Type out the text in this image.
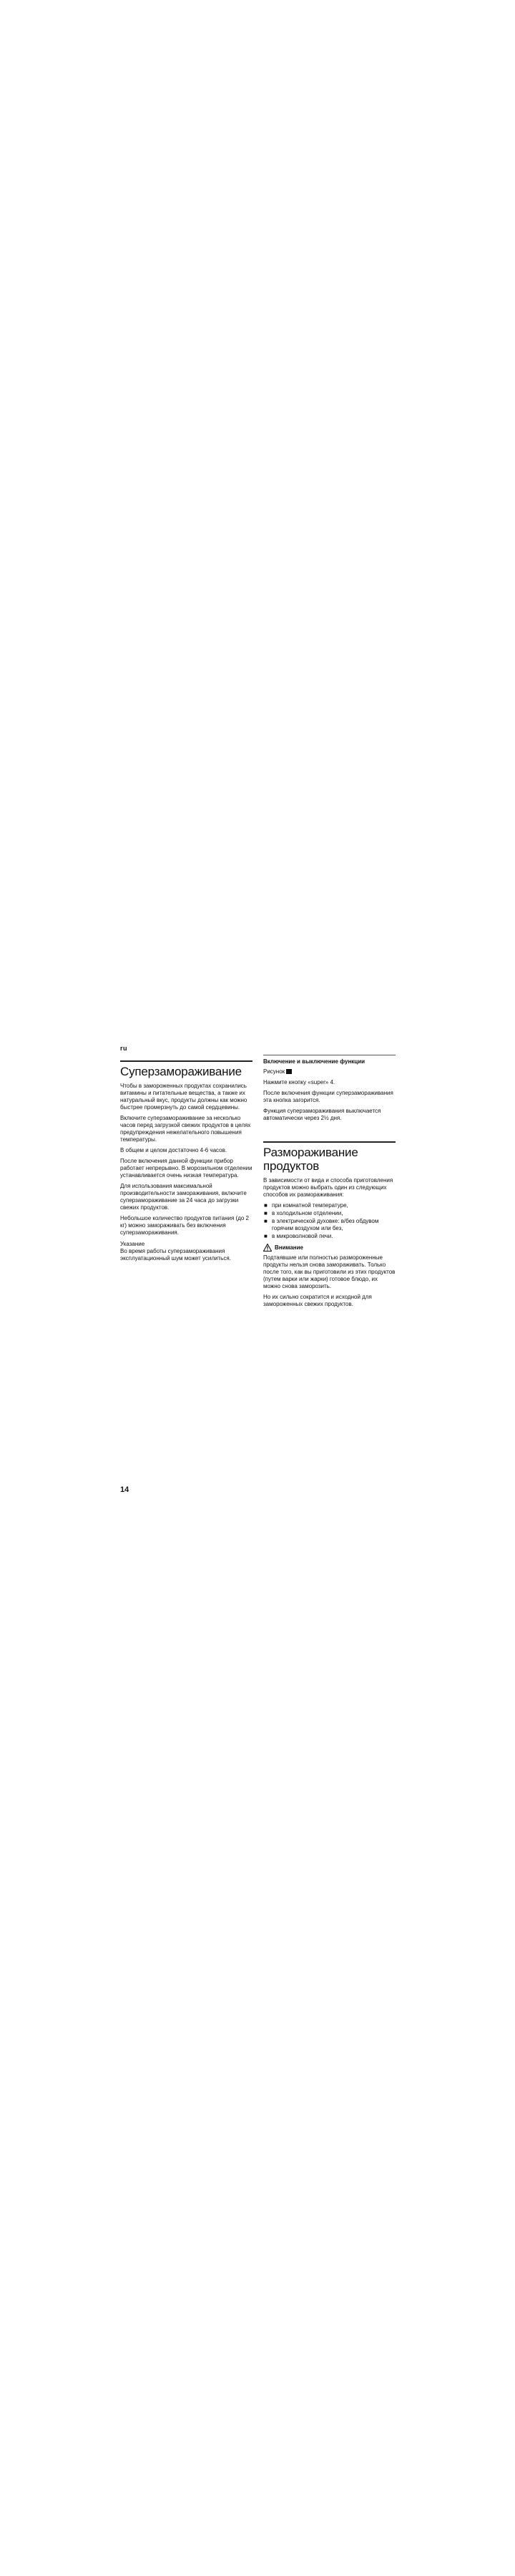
ru
Суперзамораживание

Чтобы в замороженных продуктах сохранились витамины и питательные вещества, а также их натуральный вкус, продукты должны как можно быстрее промерзнуть до самой сердцевины.

Включите суперзамораживание за несколько часов перед загрузкой свежих продуктов в целях предупреждения нежелательного повышения температуры.

В общем и целом достаточно 4-6 часов.

После включения данной функции прибор работает непрерывно. В морозильном отделении устанавливается очень низкая температура.

Для использования максимальной производительности замораживания, включите суперзамораживание за 24 часа до загрузки свежих продуктов.

Небольшое количество продуктов питания (до 2 кг) можно замораживать без включения суперзамораживания.

Указание

Во время работы суперзамораживания эксплуатационный шум может усилиться.

Включение и выключение функции

Рисунок

Нажмите кнопку «super» 4.

После включения функции суперзамораживания эта кнопка загорится.

Функция суперзамораживания выключается автоматически через 2½ дня.

Размораживание продуктов

В зависимости от вида и способа приготовления продуктов можно выбрать один из следующих способов их размораживания:

■ при комнатной температуре,
■ в холодильном отделении,
■ в электрической духовке: в/без обдувом горячим воздухом или без,
■ в микроволновой печи.
Внимание

Подтаявшие или полностью размороженные продукты нельзя снова замораживать. Только после того, как вы приготовили из этих продуктов (путем варки или жарки) готовое блюдо, их можно снова заморозить.

Но их сильно сократится и исходной для замороженных свежих продуктов.

14
